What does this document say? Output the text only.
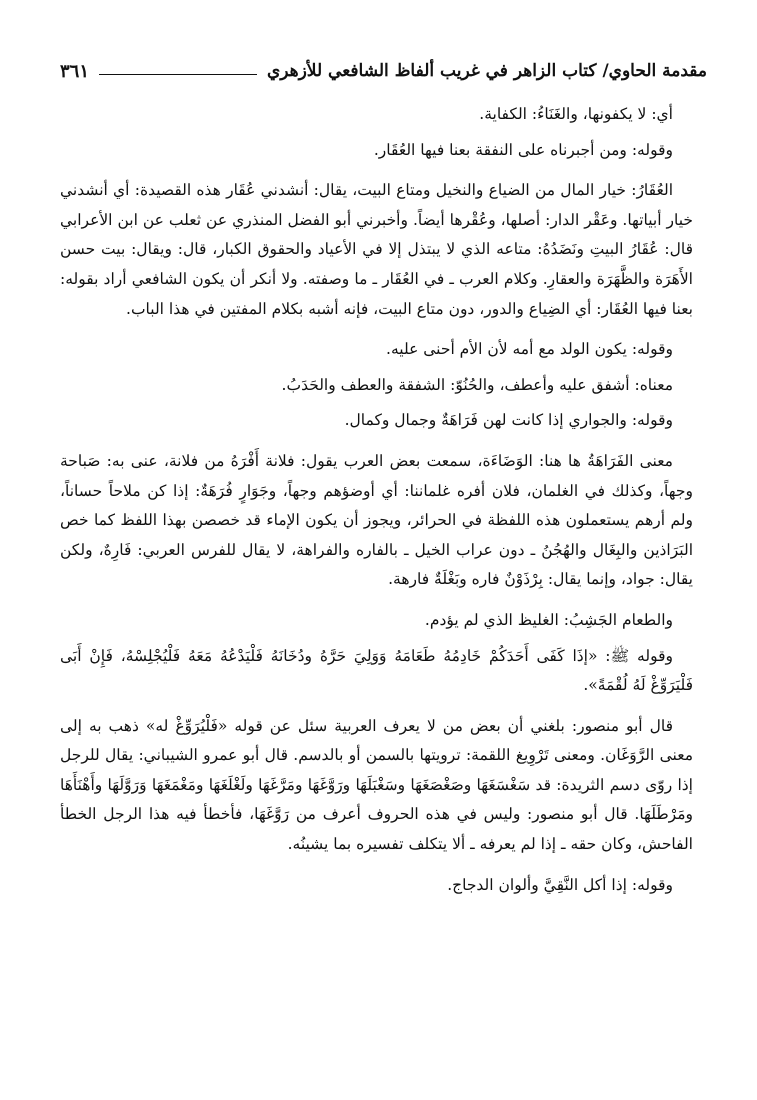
مقدمة الحاوي/ كتاب الزاهر في غريب ألفاظ الشافعي للأزهري
٣٦١

أي: لا يكفونها، والغَنَاءُ: الكفاية.

وقوله: ومن أجبرناه على النفقة بعنا فيها العُقَار.

العُقَارُ: خيار المال من الضياع والنخيل ومتاع البيت، يقال: أنشدني عُقَار هذه القصيدة: أي أنشدني خيار أبياتها. وعَقْر الدار: أصلها، وعُقْرها أيضاً. وأخبرني أبو الفضل المنذري عن ثعلب عن ابن الأعرابي قال: عُقَارُ البيتِ ونَضَدُهُ: متاعه الذي لا يبتذل إلا في الأعياد والحقوق الكبار، قال: ويقال: بيت حسن الأَهَرَة والظَّهَرَة والعقارِ. وكلام العرب ـ في العُقَار ـ ما وصفته. ولا أنكر أن يكون الشافعي أراد بقوله: بعنا فيها العُقَار: أي الضِياع والدور، دون متاع البيت، فإنه أشبه بكلام المفتين في هذا الباب.

وقوله: يكون الولد مع أمه لأن الأم أحنى عليه.

معناه: أشفق عليه وأعطف، والحُنُوّ: الشفقة والعطف والحَدَبُ.

وقوله: والجواري إذا كانت لهن فَرَاهَةٌ وجمال وكمال.

معنى الفَرَاهَةُ ها هنا: الوَضَاءَة، سمعت بعض العرب يقول: فلانة أَفْرَهُ من فلانة، عنى به: صَباحة وجهاً، وكذلك في الغلمان، فلان أفره غلماننا: أي أوضؤهم وجهاً، وجَوَارٍ فُرَهَةٌ: إذا كن ملاحاً حساناً، ولم أرهم يستعملون هذه اللفظة في الحرائر، ويجوز أن يكون الإماء قد خصصن بهذا اللفظ كما خص البَرَاذين والبِغَال والهُجُنُ ـ دون عراب الخيل ـ بالفاره والفراهة، لا يقال للفرس العربي: فَارِهٌ، ولكن يقال: جواد، وإنما يقال: بِرْذَوْنٌ فاره وبَغْلَةٌ فارهة.

والطعام الجَشِبُ: الغليظ الذي لم يؤدم.

وقوله ﷺ: «إذَا كَفَى أَحَدَكُمْ خَادِمُهُ طَعَامَهُ وَوَلِيَ حَرَّهُ ودُخَانَهُ فَلْيَدْعُهُ مَعَهُ فَلْيُجْلِسْهُ، فَإِنْ أَبَى فَلْيَرَوِّغْ لَهُ لُقْمَةً».

قال أبو منصور: بلغني أن بعض من لا يعرف العربية سئل عن قوله «فَلْيُرَوِّغْ له» ذهب به إلى معنى الرَّوَغَان. ومعنى تَرْوِيغ اللقمة: ترويتها بالسمن أو بالدسم. قال أبو عمرو الشيباني: يقال للرجل إذا روّى دسم الثريدة: قد سَغْسَغَهَا وصَغْصَغَهَا وسَغْبَلَهَا ورَوَّغَهَا ومَرَّغَهَا ولَغْلَغَهَا ومَغْمَغَهَا وَرَوَّلَهَا وأَهْنَأَهَا ومَرْطَلَهَا. قال أبو منصور: وليس في هذه الحروف أعرف من رَوَّغَهَا، فأخطأ فيه هذا الرجل الخطأ الفاحش، وكان حقه ـ إذا لم يعرفه ـ ألا يتكلف تفسيره بما يشينُه.

وقوله: إذا أكل النَّقِيَّ وألوان الدجاج.
